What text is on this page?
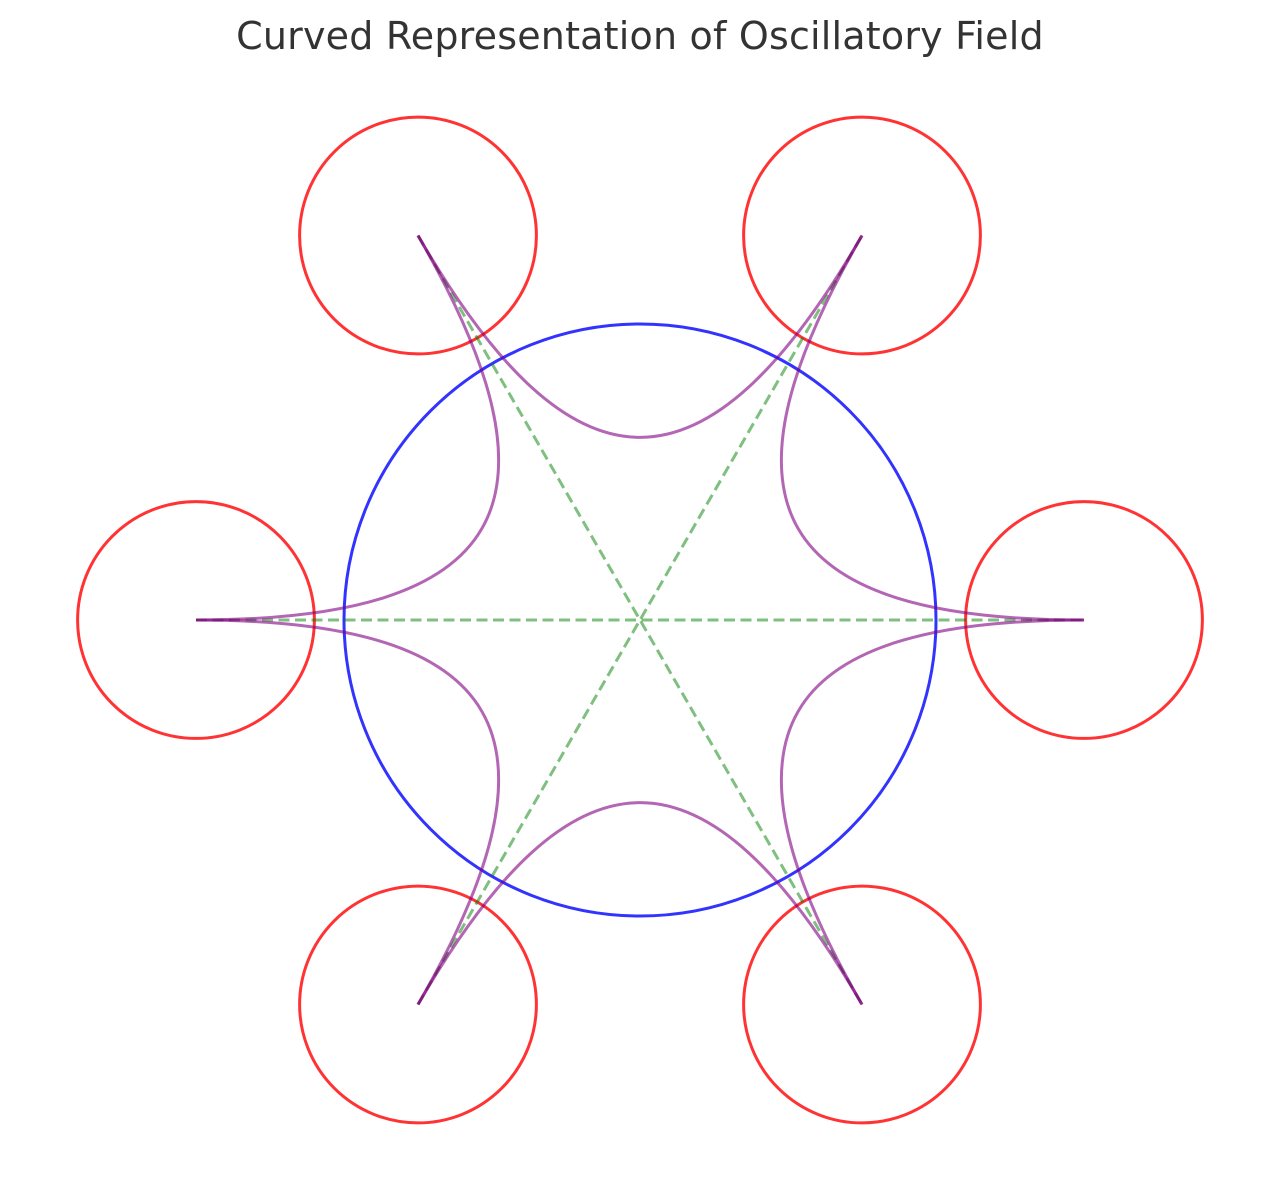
Curved Representation of Oscillatory Field
